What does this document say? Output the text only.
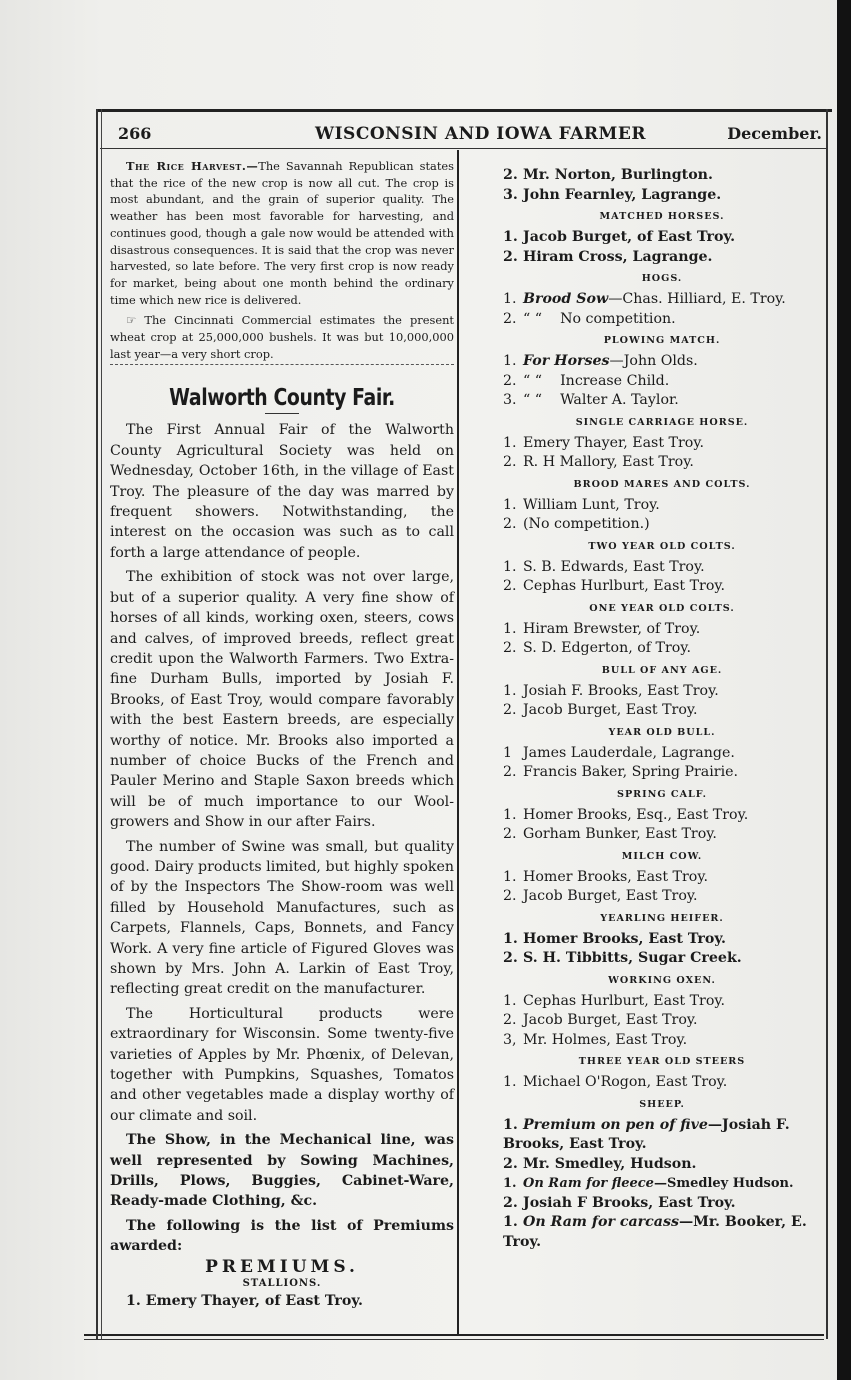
266	WISCONSIN AND IOWA FARMER	December.

The Rice Harvest.—The Savannah Republican states that the rice of the new crop is now all cut. The crop is most abundant, and the grain of superior quality. The weather has been most favorable for harvesting, and continues good, though a gale now would be attended with disastrous consequences. It is said that the crop was never harvested, so late before. The very first crop is now ready for market, being about one month behind the ordinary time which new rice is delivered.

☞ The Cincinnati Commercial estimates the present wheat crop at 25,000,000 bushels. It was but 10,000,000 last year—a very short crop.

Walworth County Fair.

The First Annual Fair of the Walworth County Agricultural Society was held on Wednesday, October 16th, in the village of East Troy. The pleasure of the day was marred by frequent showers. Notwithstanding, the interest on the occasion was such as to call forth a large attendance of people.

The exhibition of stock was not over large, but of a superior quality. A very fine show of horses of all kinds, working oxen, steers, cows and calves, of improved breeds, reflect great credit upon the Walworth Farmers. Two Extra-fine Durham Bulls, imported by Josiah F. Brooks, of East Troy, would compare favorably with the best Eastern breeds, are especially worthy of notice. Mr. Brooks also imported a number of choice Bucks of the French and Pauler Merino and Staple Saxon breeds which will be of much importance to our Wool-growers and Show in our after Fairs.

The number of Swine was small, but quality good. Dairy products limited, but highly spoken of by the Inspectors The Show-room was well filled by Household Manufactures, such as Carpets, Flannels, Caps, Bonnets, and Fancy Work. A very fine article of Figured Gloves was shown by Mrs. John A. Larkin of East Troy, reflecting great credit on the manufacturer.

The Horticultural products were extraordinary for Wisconsin. Some twenty-five varieties of Apples by Mr. Phœnix, of Delevan, together with Pumpkins, Squashes, Tomatos and other vegetables made a display worthy of our climate and soil.

The Show, in the Mechanical line, was well represented by Sowing Machines, Drills, Plows, Buggies, Cabinet-Ware, Ready-made Clothing, &c.

The following is the list of Premiums awarded:

PREMIUMS.

STALLIONS.

1. Emery Thayer, of East Troy.

2. Mr. Norton, Burlington.

3. John Fearnley, Lagrange.

MATCHED HORSES.

1. Jacob Burget, of East Troy.

2. Hiram Cross, Lagrange.

HOGS.

1. Brood Sow—Chas. Hilliard, E. Troy.

2. “ “ No competition.

PLOWING MATCH.

1. For Horses—John Olds.

2. “ “ Increase Child.

3. “ “ Walter A. Taylor.

SINGLE CARRIAGE HORSE.

1. Emery Thayer, East Troy.

2. R. H Mallory, East Troy.

BROOD MARES AND COLTS.

1. William Lunt, Troy.

2. (No competition.)

TWO YEAR OLD COLTS.

1. S. B. Edwards, East Troy.

2. Cephas Hurlburt, East Troy.

ONE YEAR OLD COLTS.

1. Hiram Brewster, of Troy.

2. S. D. Edgerton, of Troy.

BULL OF ANY AGE.

1. Josiah F. Brooks, East Troy.

2. Jacob Burget, East Troy.

YEAR OLD BULL.

1 James Lauderdale, Lagrange.

2. Francis Baker, Spring Prairie.

SPRING CALF.

1. Homer Brooks, Esq., East Troy.

2. Gorham Bunker, East Troy.

MILCH COW.

1. Homer Brooks, East Troy.

2. Jacob Burget, East Troy.

YEARLING HEIFER.

1. Homer Brooks, East Troy.

2. S. H. Tibbitts, Sugar Creek.

WORKING OXEN.

1. Cephas Hurlburt, East Troy.

2. Jacob Burget, East Troy.

3, Mr. Holmes, East Troy.

THREE YEAR OLD STEERS

1. Michael O'Rogon, East Troy.

SHEEP.

1. Premium on pen of five—Josiah F. Brooks, East Troy.

2. Mr. Smedley, Hudson.

1. On Ram for fleece—Smedley Hudson.

2. Josiah F Brooks, East Troy.

1. On Ram for carcass—Mr. Booker, E. Troy.
